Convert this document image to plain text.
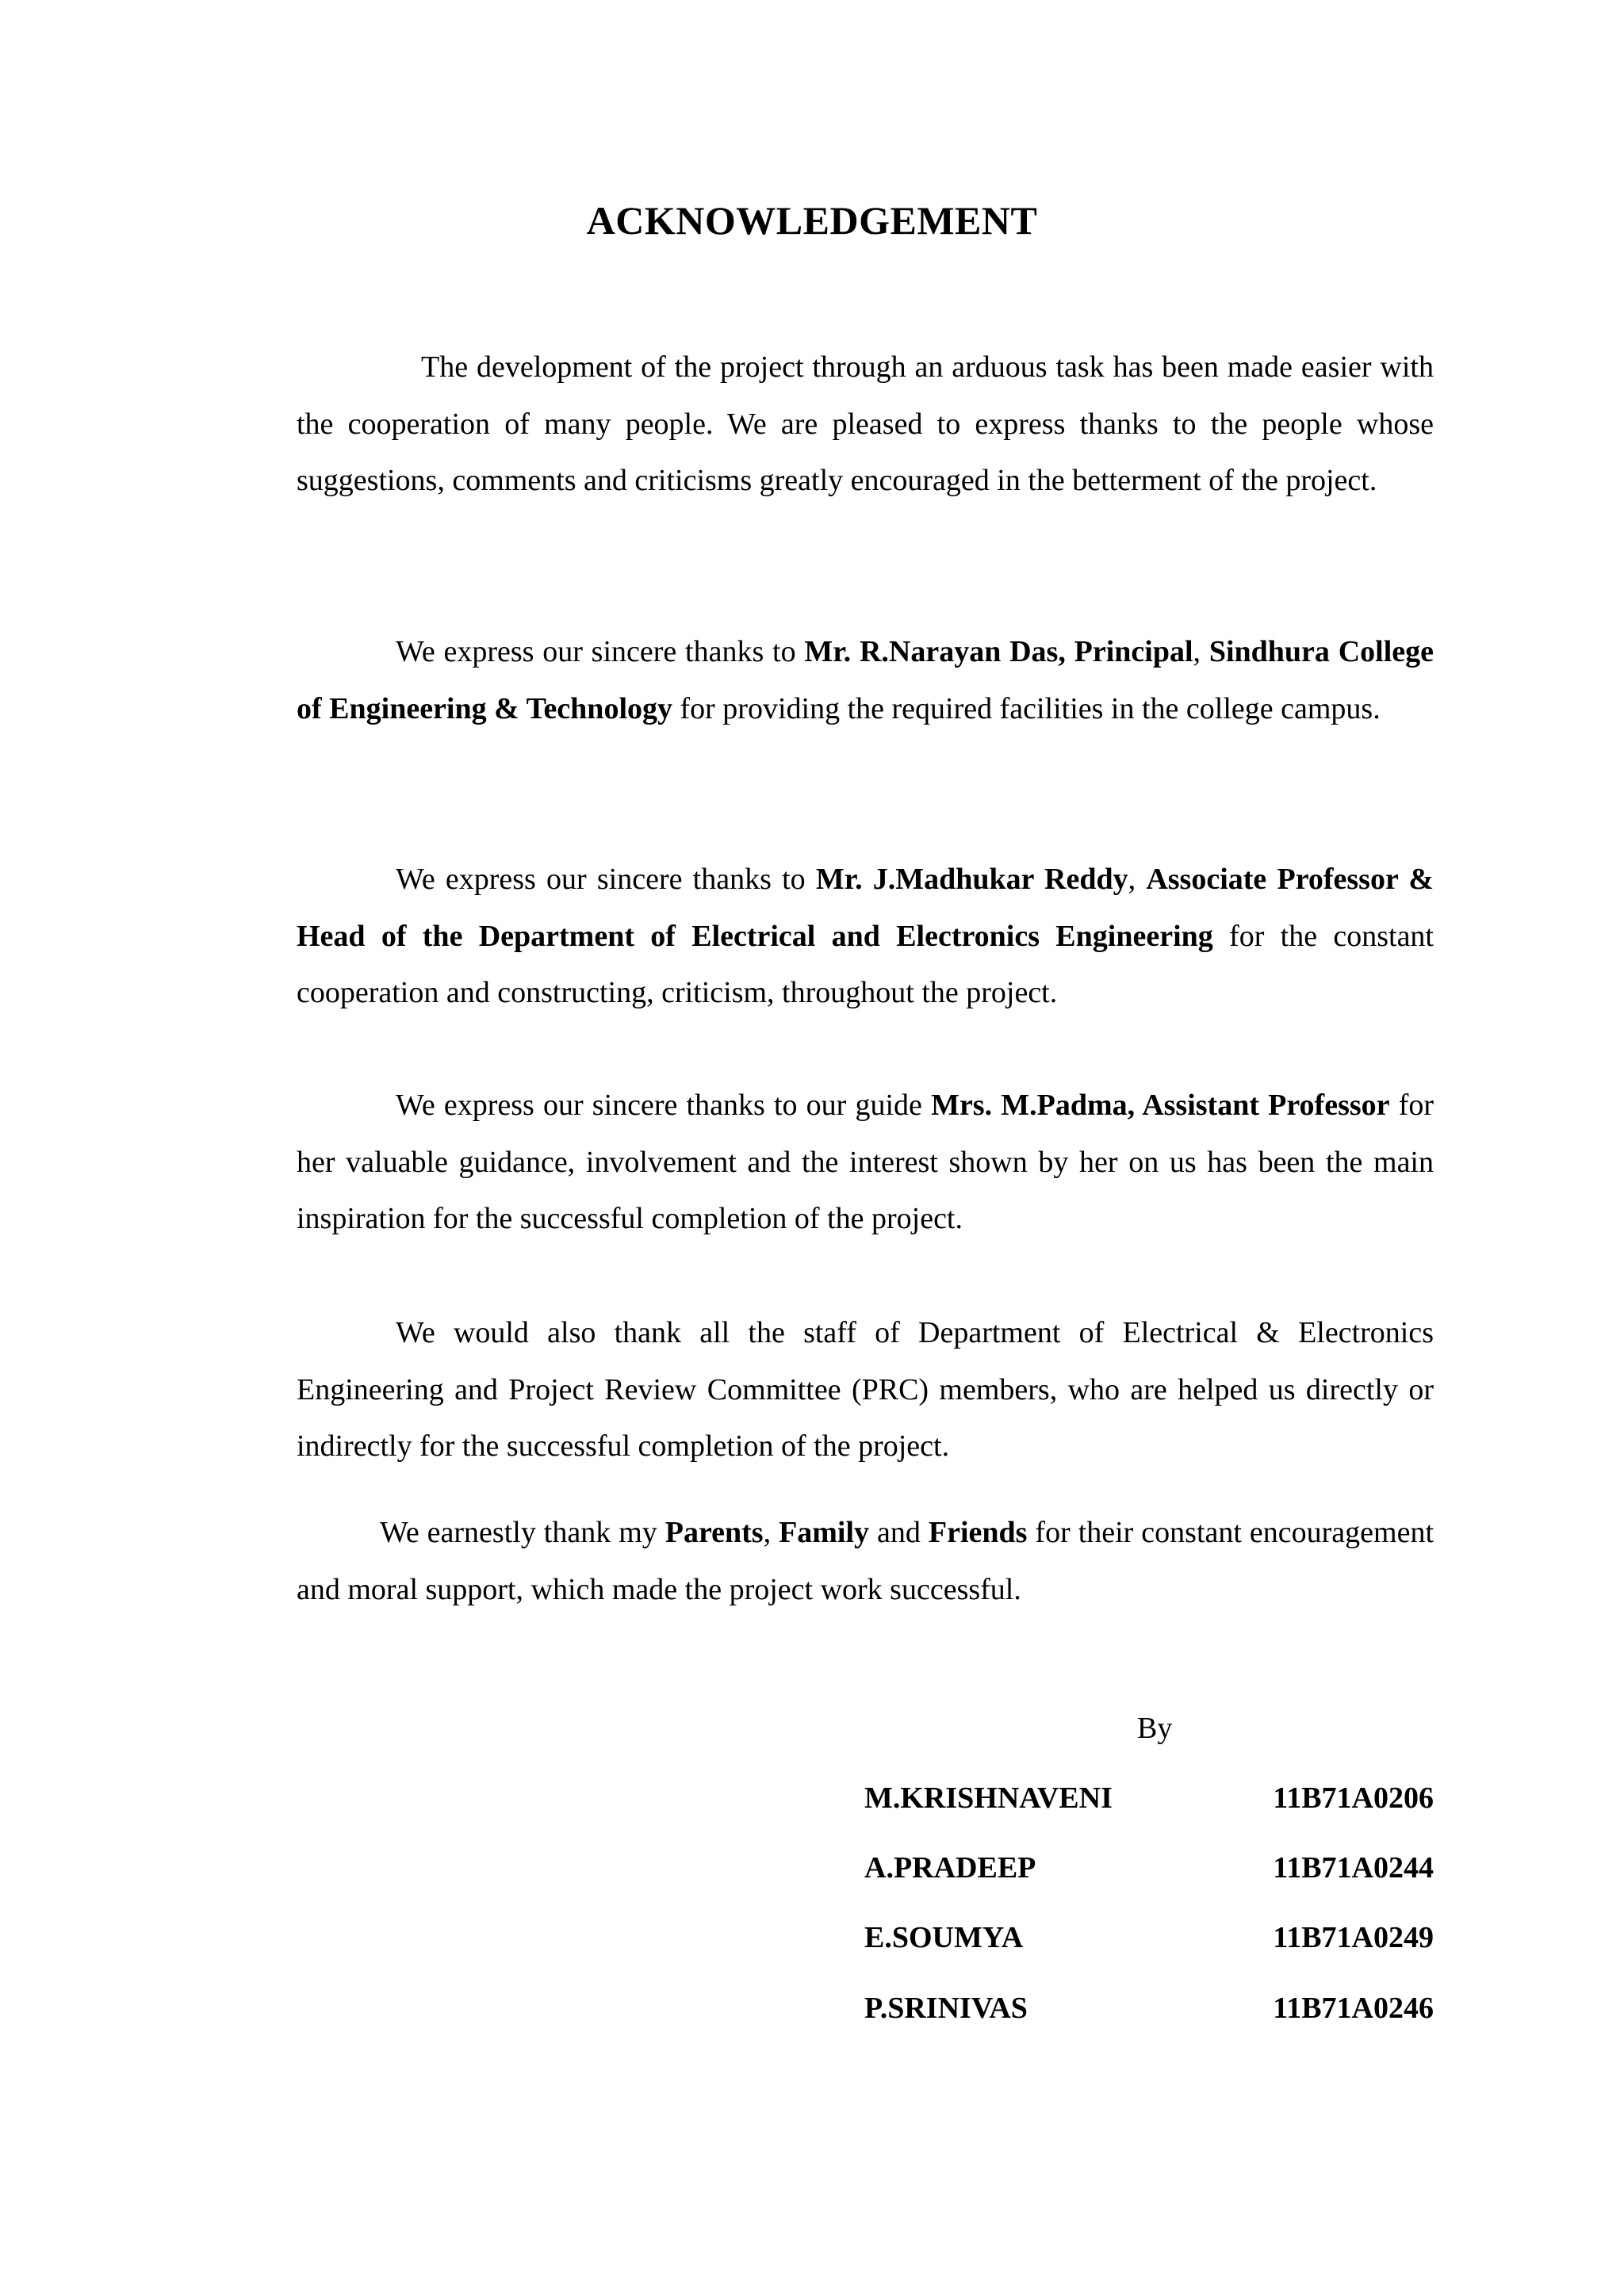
ACKNOWLEDGEMENT

The development of the project through an arduous task has been made easier with the cooperation of many people. We are pleased to express thanks to the people whose suggestions, comments and criticisms greatly encouraged in the betterment of the project.

We express our sincere thanks to Mr. R.Narayan Das, Principal, Sindhura College of Engineering & Technology for providing the required facilities in the college campus.

We express our sincere thanks to Mr. J.Madhukar Reddy, Associate Professor & Head of the Department of Electrical and Electronics Engineering for the constant cooperation and constructing, criticism, throughout the project.

We express our sincere thanks to our guide Mrs. M.Padma, Assistant Professor for her valuable guidance, involvement and the interest shown by her on us has been the main inspiration for the successful completion of the project.

We would also thank all the staff of Department of Electrical & Electronics Engineering and Project Review Committee (PRC) members, who are helped us directly or indirectly for the successful completion of the project.

We earnestly thank my Parents, Family and Friends for their constant encouragement and moral support, which made the project work successful.

By
M.KRISHNAVENI	11B71A0206
A.PRADEEP	11B71A0244
E.SOUMYA	11B71A0249
P.SRINIVAS	11B71A0246
